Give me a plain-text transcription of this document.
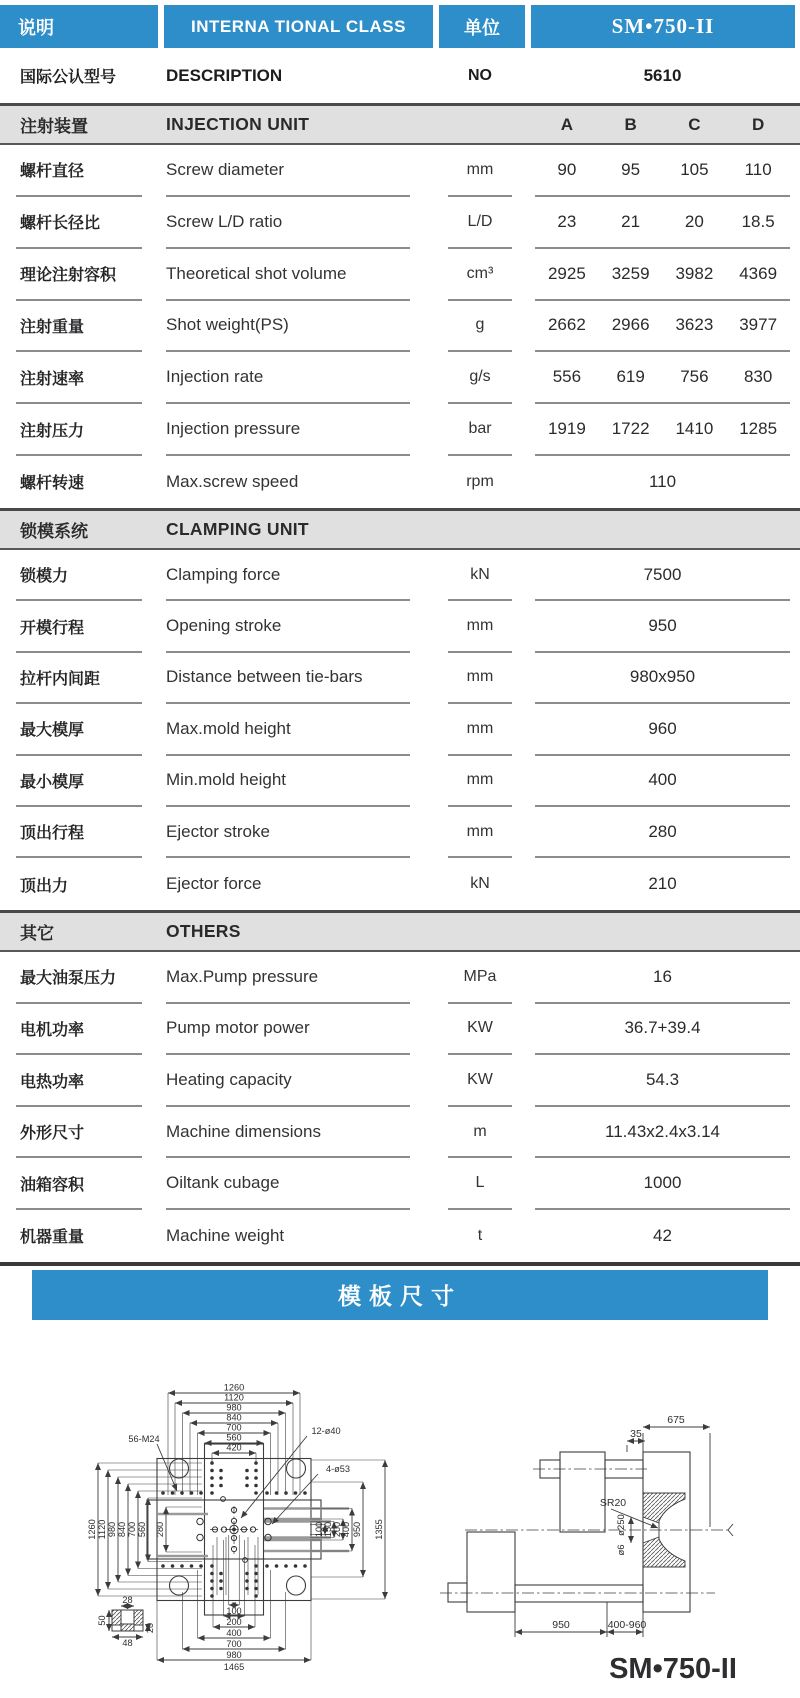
说明	INTERNA TIONAL CLASS	单位	SM•750-II
国际公认型号	DESCRIPTION	NO	5610
注射装置	INJECTION UNIT	A	B	C	D
螺杆直径	Screw diameter	mm	90	95	105	110
螺杆长径比	Screw L/D ratio	L/D	23	21	20	18.5
理论注射容积	Theoretical shot volume	cm³	2925	3259	3982	4369
注射重量	Shot weight(PS)	g	2662	2966	3623	3977
注射速率	Injection rate	g/s	556	619	756	830
注射压力	Injection pressure	bar	1919	1722	1410	1285
螺杆转速	Max.screw speed	rpm	110
锁模系统	CLAMPING UNIT
锁模力	Clamping force	kN	7500
开模行程	Opening stroke	mm	950
拉杆内间距	Distance between tie-bars	mm	980x950
最大模厚	Max.mold height	mm	960
最小模厚	Min.mold height	mm	400
顶出行程	Ejector stroke	mm	280
顶出力	Ejector force	kN	210
其它	OTHERS
最大油泵压力	Max.Pump pressure	MPa	16
电机功率	Pump motor power	KW	36.7+39.4
电热功率	Heating capacity	KW	54.3
外形尺寸	Machine dimensions	m	11.43x2.4x3.14
油箱容积	Oiltank cubage	L	1000
机器重量	Machine weight	t	42
模板尺寸
1260
1120
980
840
700
560
420
1260 1120 980 840 700 560 280	100 150 200 400 950 1355
100
200
400
700
980
1465
56-M24
12-ø40
4-ø53
28
50
48
20
675
35
SR20
ø250
ø6
950	400-960
SM•750-II
